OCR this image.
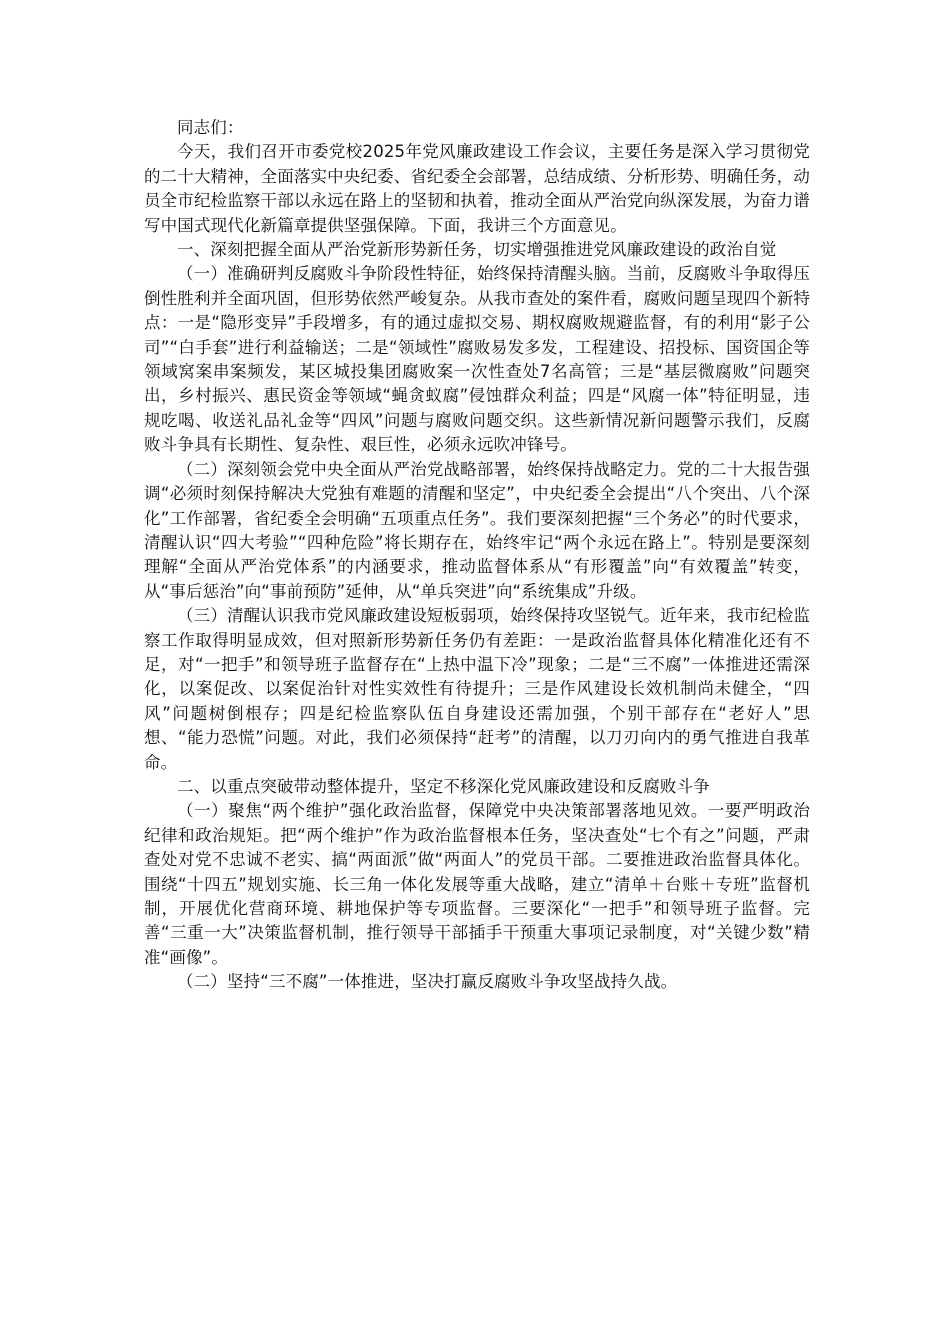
同志们：

今天，我们召开市委党校2025年党风廉政建设工作会议，主要任务是深入学习贯彻党的二十大精神，全面落实中央纪委、省纪委全会部署，总结成绩、分析形势、明确任务，动员全市纪检监察干部以永远在路上的坚韧和执着，推动全面从严治党向纵深发展，为奋力谱写中国式现代化新篇章提供坚强保障。下面，我讲三个方面意见。

一、深刻把握全面从严治党新形势新任务，切实增强推进党风廉政建设的政治自觉

（一）准确研判反腐败斗争阶段性特征，始终保持清醒头脑。当前，反腐败斗争取得压倒性胜利并全面巩固，但形势依然严峻复杂。从我市查处的案件看，腐败问题呈现四个新特点：一是“隐形变异”手段增多，有的通过虚拟交易、期权腐败规避监督，有的利用“影子公司”“白手套”进行利益输送；二是“领域性”腐败易发多发，工程建设、招投标、国资国企等领域窝案串案频发，某区城投集团腐败案一次性查处7名高管；三是“基层微腐败”问题突出，乡村振兴、惠民资金等领域“蝇贪蚁腐”侵蚀群众利益；四是“风腐一体”特征明显，违规吃喝、收送礼品礼金等“四风”问题与腐败问题交织。这些新情况新问题警示我们，反腐败斗争具有长期性、复杂性、艰巨性，必须永远吹冲锋号。

（二）深刻领会党中央全面从严治党战略部署，始终保持战略定力。党的二十大报告强调“必须时刻保持解决大党独有难题的清醒和坚定”，中央纪委全会提出“八个突出、八个深化”工作部署，省纪委全会明确“五项重点任务”。我们要深刻把握“三个务必”的时代要求，清醒认识“四大考验”“四种危险”将长期存在，始终牢记“两个永远在路上”。特别是要深刻理解“全面从严治党体系”的内涵要求，推动监督体系从“有形覆盖”向“有效覆盖”转变，从“事后惩治”向“事前预防”延伸，从“单兵突进”向“系统集成”升级。

（三）清醒认识我市党风廉政建设短板弱项，始终保持攻坚锐气。近年来，我市纪检监察工作取得明显成效，但对照新形势新任务仍有差距：一是政治监督具体化精准化还有不足，对“一把手”和领导班子监督存在“上热中温下冷”现象；二是“三不腐”一体推进还需深化，以案促改、以案促治针对性实效性有待提升；三是作风建设长效机制尚未健全，“四风”问题树倒根存；四是纪检监察队伍自身建设还需加强，个别干部存在“老好人”思想、“能力恐慌”问题。对此，我们必须保持“赶考”的清醒，以刀刃向内的勇气推进自我革命。

二、以重点突破带动整体提升，坚定不移深化党风廉政建设和反腐败斗争

（一）聚焦“两个维护”强化政治监督，保障党中央决策部署落地见效。一要严明政治纪律和政治规矩。把“两个维护”作为政治监督根本任务，坚决查处“七个有之”问题，严肃查处对党不忠诚不老实、搞“两面派”做“两面人”的党员干部。二要推进政治监督具体化。围绕“十四五”规划实施、长三角一体化发展等重大战略，建立“清单＋台账＋专班”监督机制，开展优化营商环境、耕地保护等专项监督。三要深化“一把手”和领导班子监督。完善“三重一大”决策监督机制，推行领导干部插手干预重大事项记录制度，对“关键少数”精准“画像”。

（二）坚持“三不腐”一体推进，坚决打赢反腐败斗争攻坚战持久战。
